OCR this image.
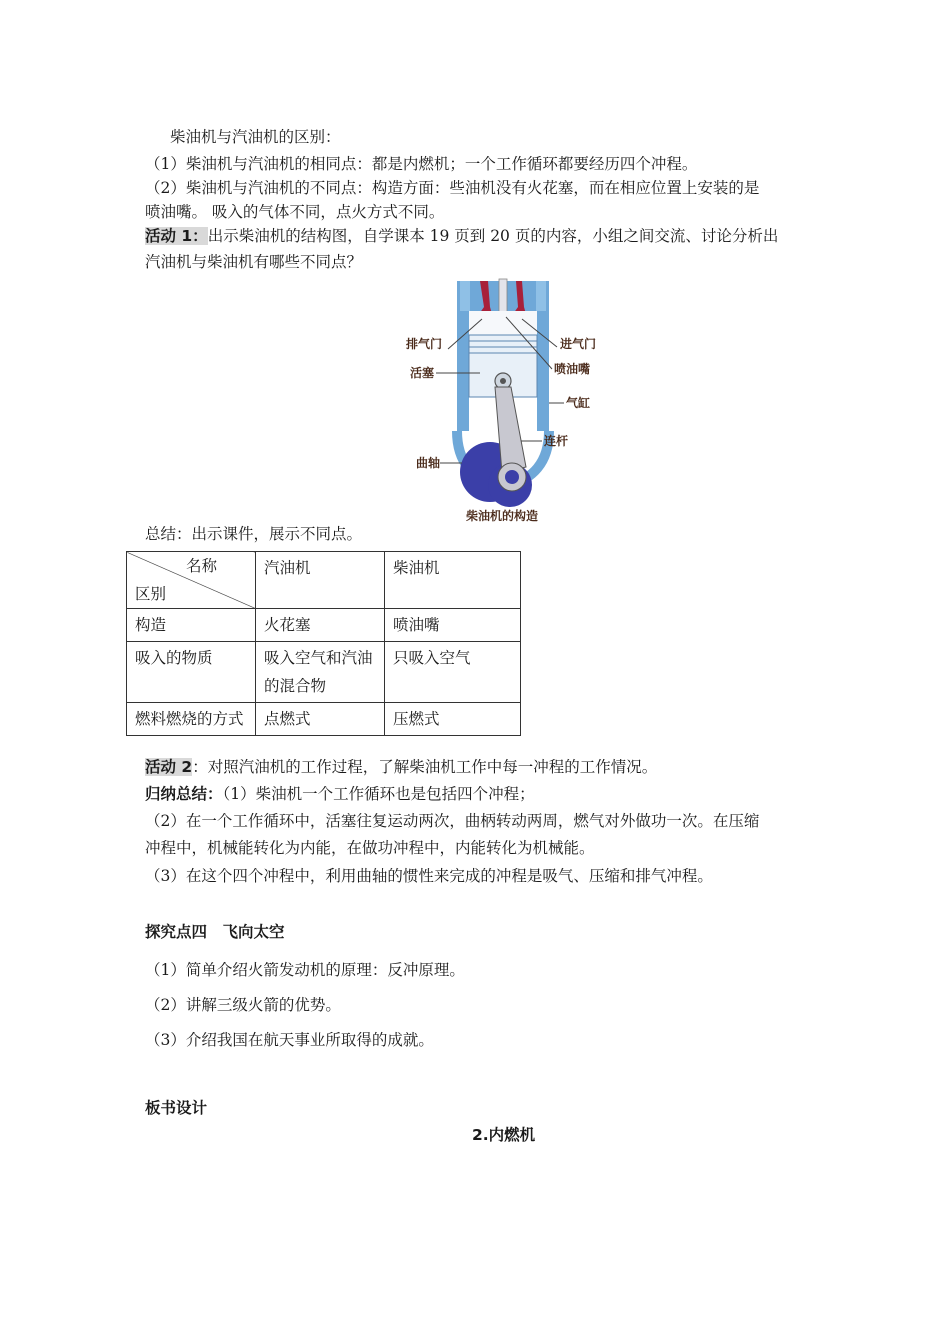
柴油机与汽油机的区别：
（1）柴油机与汽油机的相同点：都是内燃机；一个工作循环都要经历四个冲程。
（2）柴油机与汽油机的不同点：构造方面：些油机没有火花塞，而在相应位置上安装的是
喷油嘴。 吸入的气体不同，点火方式不同。
活动 1：出示柴油机的结构图，自学课本 19 页到 20 页的内容，小组之间交流、讨论分析出
汽油机与柴油机有哪些不同点？
排气门	进气门
活塞	喷油嘴
气缸
连杆
曲轴
柴油机的构造
总结：出示课件，展示不同点。
名称
区别	汽油机	柴油机
构造	火花塞	喷油嘴
吸入的物质	吸入空气和汽油的混合物	只吸入空气
燃料燃烧的方式	点燃式	压燃式
活动 2：对照汽油机的工作过程，了解柴油机工作中每一冲程的工作情况。
归纳总结：（1）柴油机一个工作循环也是包括四个冲程；
（2）在一个工作循环中，活塞往复运动两次，曲柄转动两周，燃气对外做功一次。在压缩
冲程中，机械能转化为内能，在做功冲程中，内能转化为机械能。
（3）在这个四个冲程中，利用曲轴的惯性来完成的冲程是吸气、压缩和排气冲程。
探究点四　飞向太空
（1）简单介绍火箭发动机的原理：反冲原理。
（2）讲解三级火箭的优势。
（3）介绍我国在航天事业所取得的成就。
板书设计
2.内燃机
